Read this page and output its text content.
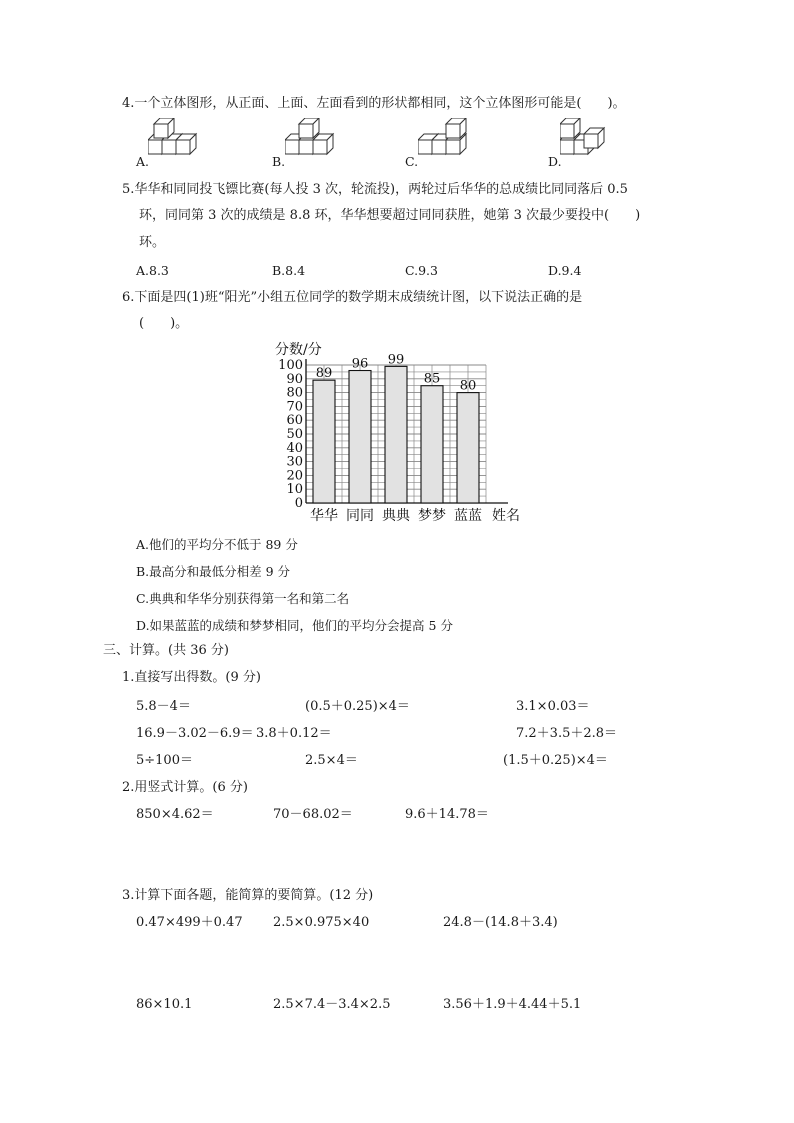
4.一个立体图形，从正面、上面、左面看到的形状都相同，这个立体图形可能是(　　)。
A.	B.	C.	D.
5.华华和同同投飞镖比赛(每人投 3 次，轮流投)，两轮过后华华的总成绩比同同落后 0.5
环，同同第 3 次的成绩是 8.8 环，华华想要超过同同获胜，她第 3 次最少要投中(　　)
环。
A.8.3	B.8.4	C.9.3	D.9.4
6.下面是四(1)班“阳光”小组五位同学的数学期末成绩统计图，以下说法正确的是
(　　)。
0
10
20
30
40
50
60
70
80
90
100
89
96 99
85 80
华华 同同 典典 梦梦 蓝蓝
分数/分
姓名
A.他们的平均分不低于 89 分
B.最高分和最低分相差 9 分
C.典典和华华分别获得第一名和第二名
D.如果蓝蓝的成绩和梦梦相同，他们的平均分会提高 5 分
三、计算。(共 36 分)
1.直接写出得数。(9 分)
5.8－4＝	(0.5＋0.25)×4＝	3.1×0.03＝
16.9－3.02－6.9＝ 3.8＋0.12＝	7.2＋3.5＋2.8＝
5÷100＝	2.5×4＝	(1.5＋0.25)×4＝
2.用竖式计算。(6 分)
850×4.62＝	70－68.02＝	9.6＋14.78＝
3.计算下面各题，能简算的要简算。(12 分)
0.47×499＋0.47 2.5×0.975×40	24.8－(14.8＋3.4)
86×10.1	2.5×7.4－3.4×2.5	3.56＋1.9＋4.44＋5.1
